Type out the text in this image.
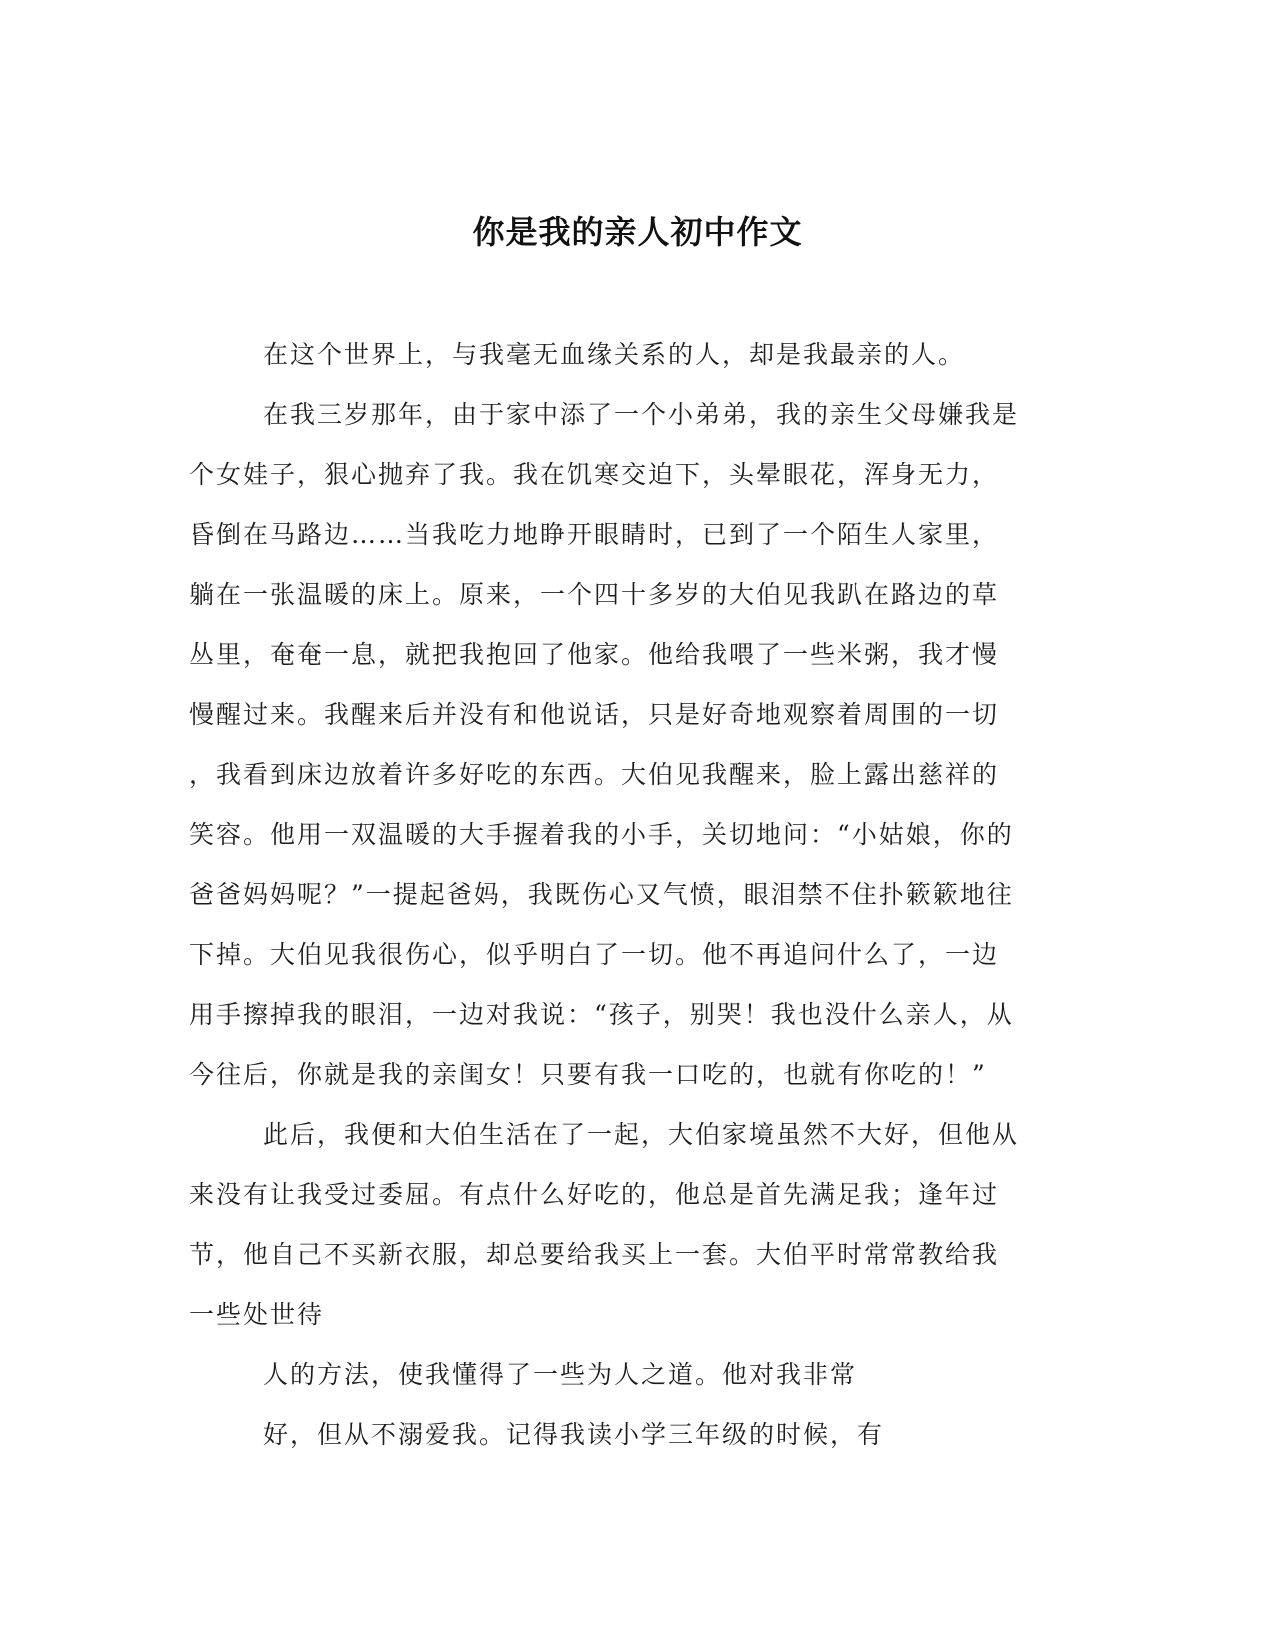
你是我的亲人初中作文
在这个世界上，与我毫无血缘关系的人，却是我最亲的人。
在我三岁那年，由于家中添了一个小弟弟，我的亲生父母嫌我是
个女娃子，狠心抛弃了我。我在饥寒交迫下，头晕眼花，浑身无力，
昏倒在马路边……当我吃力地睁开眼睛时，已到了一个陌生人家里，
躺在一张温暖的床上。原来，一个四十多岁的大伯见我趴在路边的草
丛里，奄奄一息，就把我抱回了他家。他给我喂了一些米粥，我才慢
慢醒过来。我醒来后并没有和他说话，只是好奇地观察着周围的一切
，我看到床边放着许多好吃的东西。大伯见我醒来，脸上露出慈祥的
笑容。他用一双温暖的大手握着我的小手，关切地问：“小姑娘，你的
爸爸妈妈呢？”一提起爸妈，我既伤心又气愤，眼泪禁不住扑簌簌地往
下掉。大伯见我很伤心，似乎明白了一切。他不再追问什么了，一边
用手擦掉我的眼泪，一边对我说：“孩子，别哭！我也没什么亲人，从
今往后，你就是我的亲闺女！只要有我一口吃的，也就有你吃的！”
此后，我便和大伯生活在了一起，大伯家境虽然不大好，但他从
来没有让我受过委屈。有点什么好吃的，他总是首先满足我；逢年过
节，他自己不买新衣服，却总要给我买上一套。大伯平时常常教给我
一些处世待
人的方法，使我懂得了一些为人之道。他对我非常
好，但从不溺爱我。记得我读小学三年级的时候，有
